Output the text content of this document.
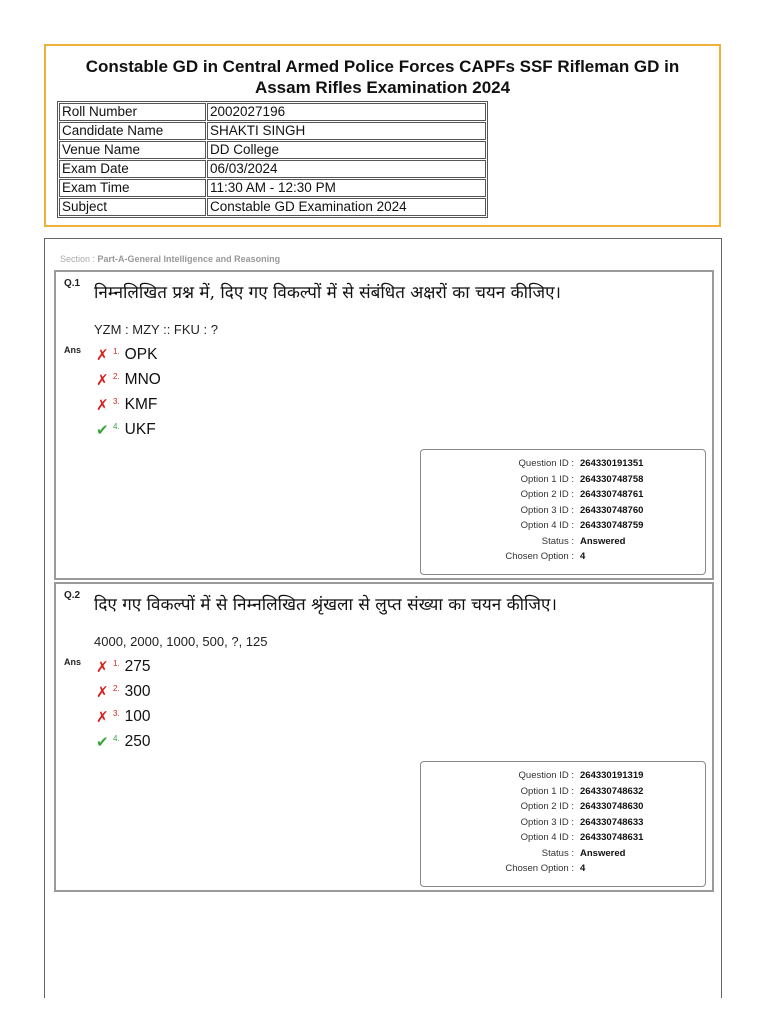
Constable GD in Central Armed Police Forces CAPFs SSF Rifleman GD in Assam Rifles Examination 2024
Roll Number	2002027196
Candidate Name	SHAKTI SINGH
Venue Name	DD College
Exam Date	06/03/2024
Exam Time	11:30 AM - 12:30 PM
Subject	Constable GD Examination 2024
Section : Part-A-General Intelligence and Reasoning
Q.1 निम्नलिखित प्रश्न में, दिए गए विकल्पों में से संबंधित अक्षरों का चयन कीजिए।
YZM : MZY :: FKU : ?
Ans ✗ 1. OPK
✗ 2. MNO
✗ 3. KMF
✔ 4. UKF
Question ID : 264330191351
Option 1 ID : 264330748758
Option 2 ID : 264330748761
Option 3 ID : 264330748760
Option 4 ID : 264330748759
Status : Answered
Chosen Option : 4
Q.2 दिए गए विकल्पों में से निम्नलिखित श्रृंखला से लुप्त संख्या का चयन कीजिए।
4000, 2000, 1000, 500, ?, 125
Ans ✗ 1. 275
✗ 2. 300
✗ 3. 100
✔ 4. 250
Question ID : 264330191319
Option 1 ID : 264330748632
Option 2 ID : 264330748630
Option 3 ID : 264330748633
Option 4 ID : 264330748631
Status : Answered
Chosen Option : 4
